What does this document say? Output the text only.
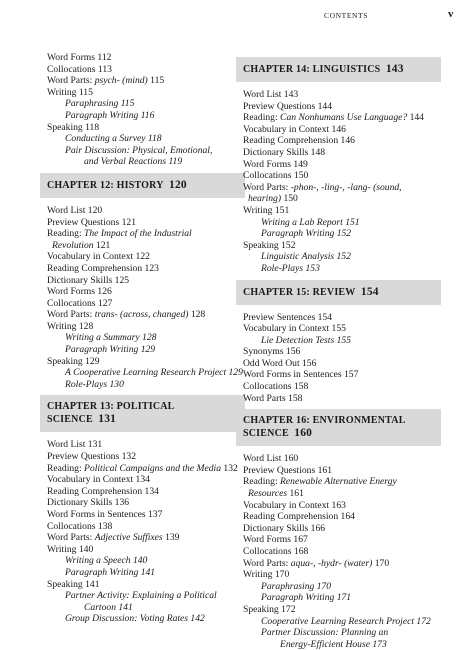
CONTENTS	v
Word Forms 112
Collocations 113
Word Parts: psych- (mind) 115
Writing 115
Paraphrasing 115
Paragraph Writing 116
Speaking 118
Conducting a Survey 118
Pair Discussion: Physical, Emotional,
and Verbal Reactions 119
CHAPTER 12: HISTORY 120
Word List 120
Preview Questions 121
Reading: The Impact of the Industrial
Revolution 121
Vocabulary in Context 122
Reading Comprehension 123
Dictionary Skills 125
Word Forms 126
Collocations 127
Word Parts: trans- (across, changed) 128
Writing 128
Writing a Summary 128
Paragraph Writing 129
Speaking 129
A Cooperative Learning Research Project 129
Role-Plays 130
CHAPTER 13: POLITICAL SCIENCE 131
Word List 131
Preview Questions 132
Reading: Political Campaigns and the Media 132
Vocabulary in Context 134
Reading Comprehension 134
Dictionary Skills 136
Word Forms in Sentences 137
Collocations 138
Word Parts: Adjective Suffixes 139
Writing 140
Writing a Speech 140
Paragraph Writing 141
Speaking 141
Partner Activity: Explaining a Political
Cartoon 141
Group Discussion: Voting Rates 142
CHAPTER 14: LINGUISTICS 143
Word List 143
Preview Questions 144
Reading: Can Nonhumans Use Language? 144
Vocabulary in Context 146
Reading Comprehension 146
Dictionary Skills 148
Word Forms 149
Collocations 150
Word Parts: -phon-, -ling-, -lang- (sound,
hearing) 150
Writing 151
Writing a Lab Report 151
Paragraph Writing 152
Speaking 152
Linguistic Analysis 152
Role-Plays 153
CHAPTER 15: REVIEW 154
Preview Sentences 154
Vocabulary in Context 155
Lie Detection Tests 155
Synonyms 156
Odd Word Out 156
Word Forms in Sentences 157
Collocations 158
Word Parts 158
CHAPTER 16: ENVIRONMENTAL
SCIENCE 160
Word List 160
Preview Questions 161
Reading: Renewable Alternative Energy
Resources 161
Vocabulary in Context 163
Reading Comprehension 164
Dictionary Skills 166
Word Forms 167
Collocations 168
Word Parts: aqua-, -hydr- (water) 170
Writing 170
Paraphrasing 170
Paragraph Writing 171
Speaking 172
Cooperative Learning Research Project 172
Partner Discussion: Planning an
Energy-Efficient House 173
